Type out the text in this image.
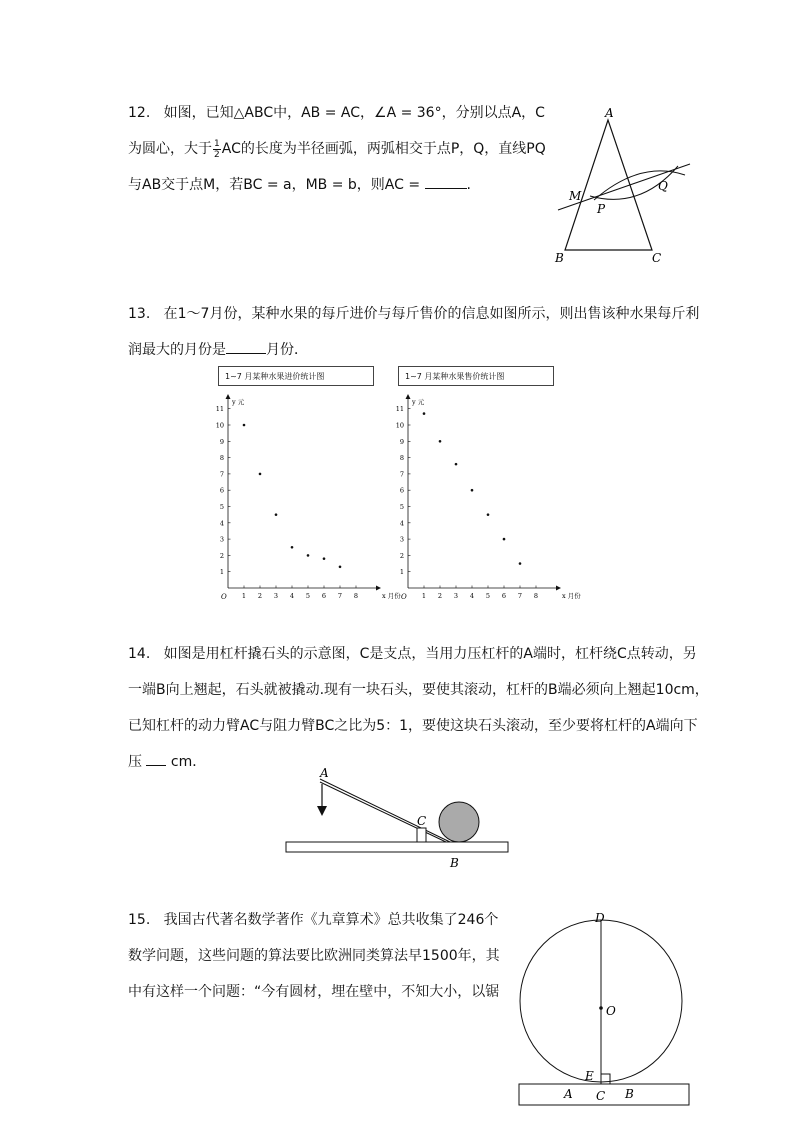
12. 如图，已知△ABC中，AB = AC，∠A = 36°，分别以点A，C
为圆心，大于 $\frac{1}{2}$ AC的长度为半径画弧，两弧相交于点P，Q，直线PQ
与AB交于点M，若BC = a，MB = b，则AC =	.
A
B	C
M
P
Q
13. 在1～7月份，某种水果的每斤进价与每斤售价的信息如图所示，则出售该种水果每斤利
润最大的月份是	月份．
1~7 月某种水果进价统计图	1~7 月某种水果售价统计图
1 2 3 4 5 6 7 8
1
2
3
4
5
6
7
8
9
10
11
O
y 元
x 月份	1 2 3 4 5 6 7 8
1
2
3
4
5
6
7
8
9
10
11
O
y 元
x 月份
14. 如图是用杠杆撬石头的示意图，C是支点，当用力压杠杆的A端时，杠杆绕C点转动，另
一端B向上翘起，石头就被撬动.现有一块石头，要使其滚动，杠杆的B端必须向上翘起10cm，
已知杠杆的动力臂AC与阻力臂BC之比为5：1，要使这块石头滚动，至少要将杠杆的A端向下
压  cm．
A
C
B
15. 我国古代著名数学著作《九章算术》总共收集了246个
数学问题，这些问题的算法要比欧洲同类算法早1500年，其
中有这样一个问题：“今有圆材，埋在壁中，不知大小，以锯
D
O
E
A C B
